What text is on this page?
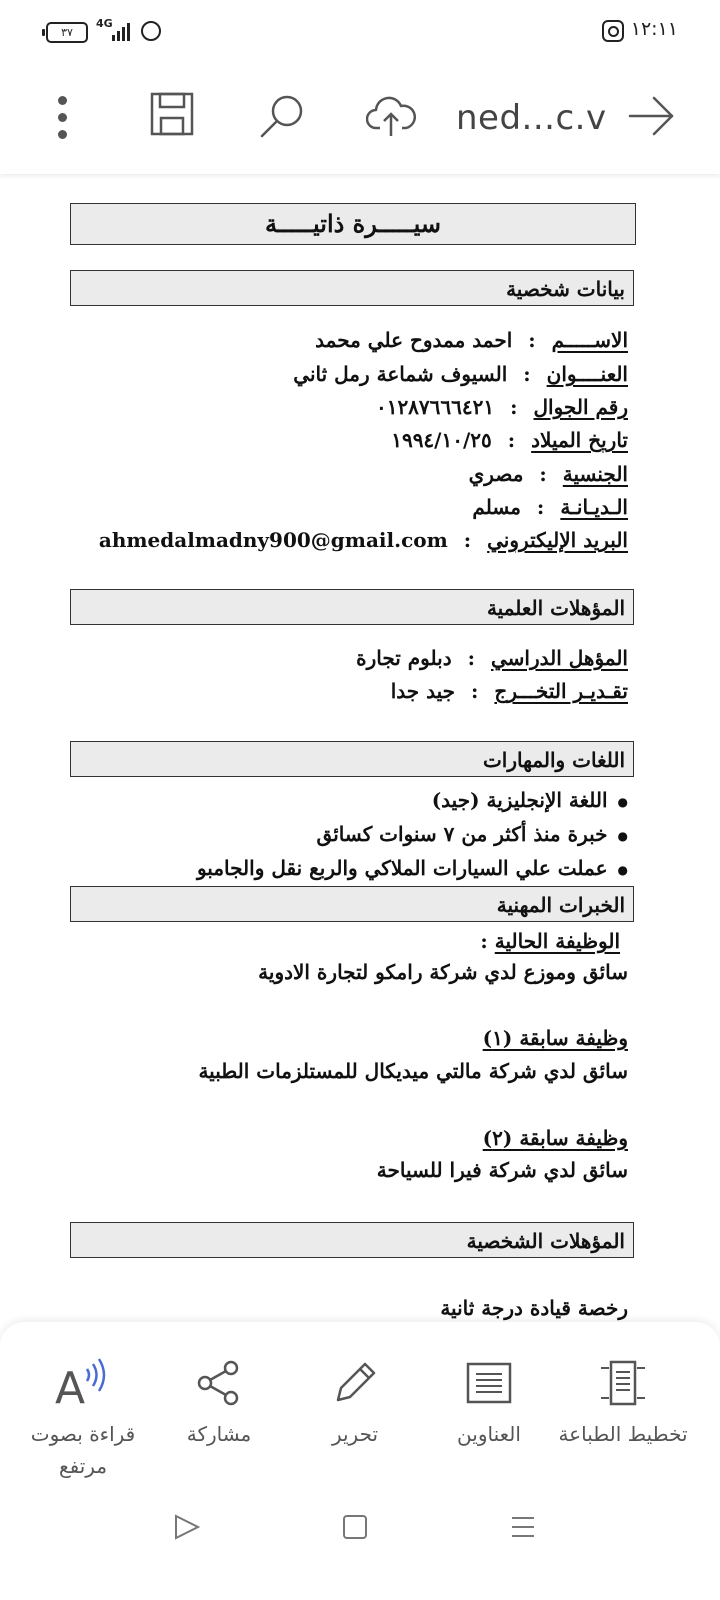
٣٧
4G	١٢:١١
ned...c.v
سيـــــرة ذاتيـــــة
بيانات شخصية
الاســـــم:احمد ممدوح علي محمد
العنــــوان:السيوف شماعة رمل ثاني
رقم الجوال:٠١٢٨٧٦٦٦٤٢١
تاريخ الميلاد:١٩٩٤/١٠/٢٥
الجنسية:مصري
الـديـانـة:مسلم
البريد الإليكتروني:ahmedalmadny900@gmail.com
المؤهلات العلمية
المؤهل الدراسي:دبلوم تجارة
تقـديـر التخـــرج:جيد جدا
اللغات والمهارات
● اللغة الإنجليزية (جيد)
● خبرة منذ أكثر من ٧ سنوات كسائق
● عملت علي السيارات الملاكي والربع نقل والجامبو
الخبرات المهنية
الوظيفة الحالية :
سائق وموزع لدي شركة رامكو لتجارة الادوية
وظيفة سابقة (١)
سائق لدي شركة مالتي ميديكال للمستلزمات الطبية
وظيفة سابقة (٢)
سائق لدي شركة فيرا للسياحة
المؤهلات الشخصية
رخصة قيادة درجة ثانية
A
قراءة بصوت مرتفع
مشاركة	تحرير	العناوين	تخطيط الطباعة
